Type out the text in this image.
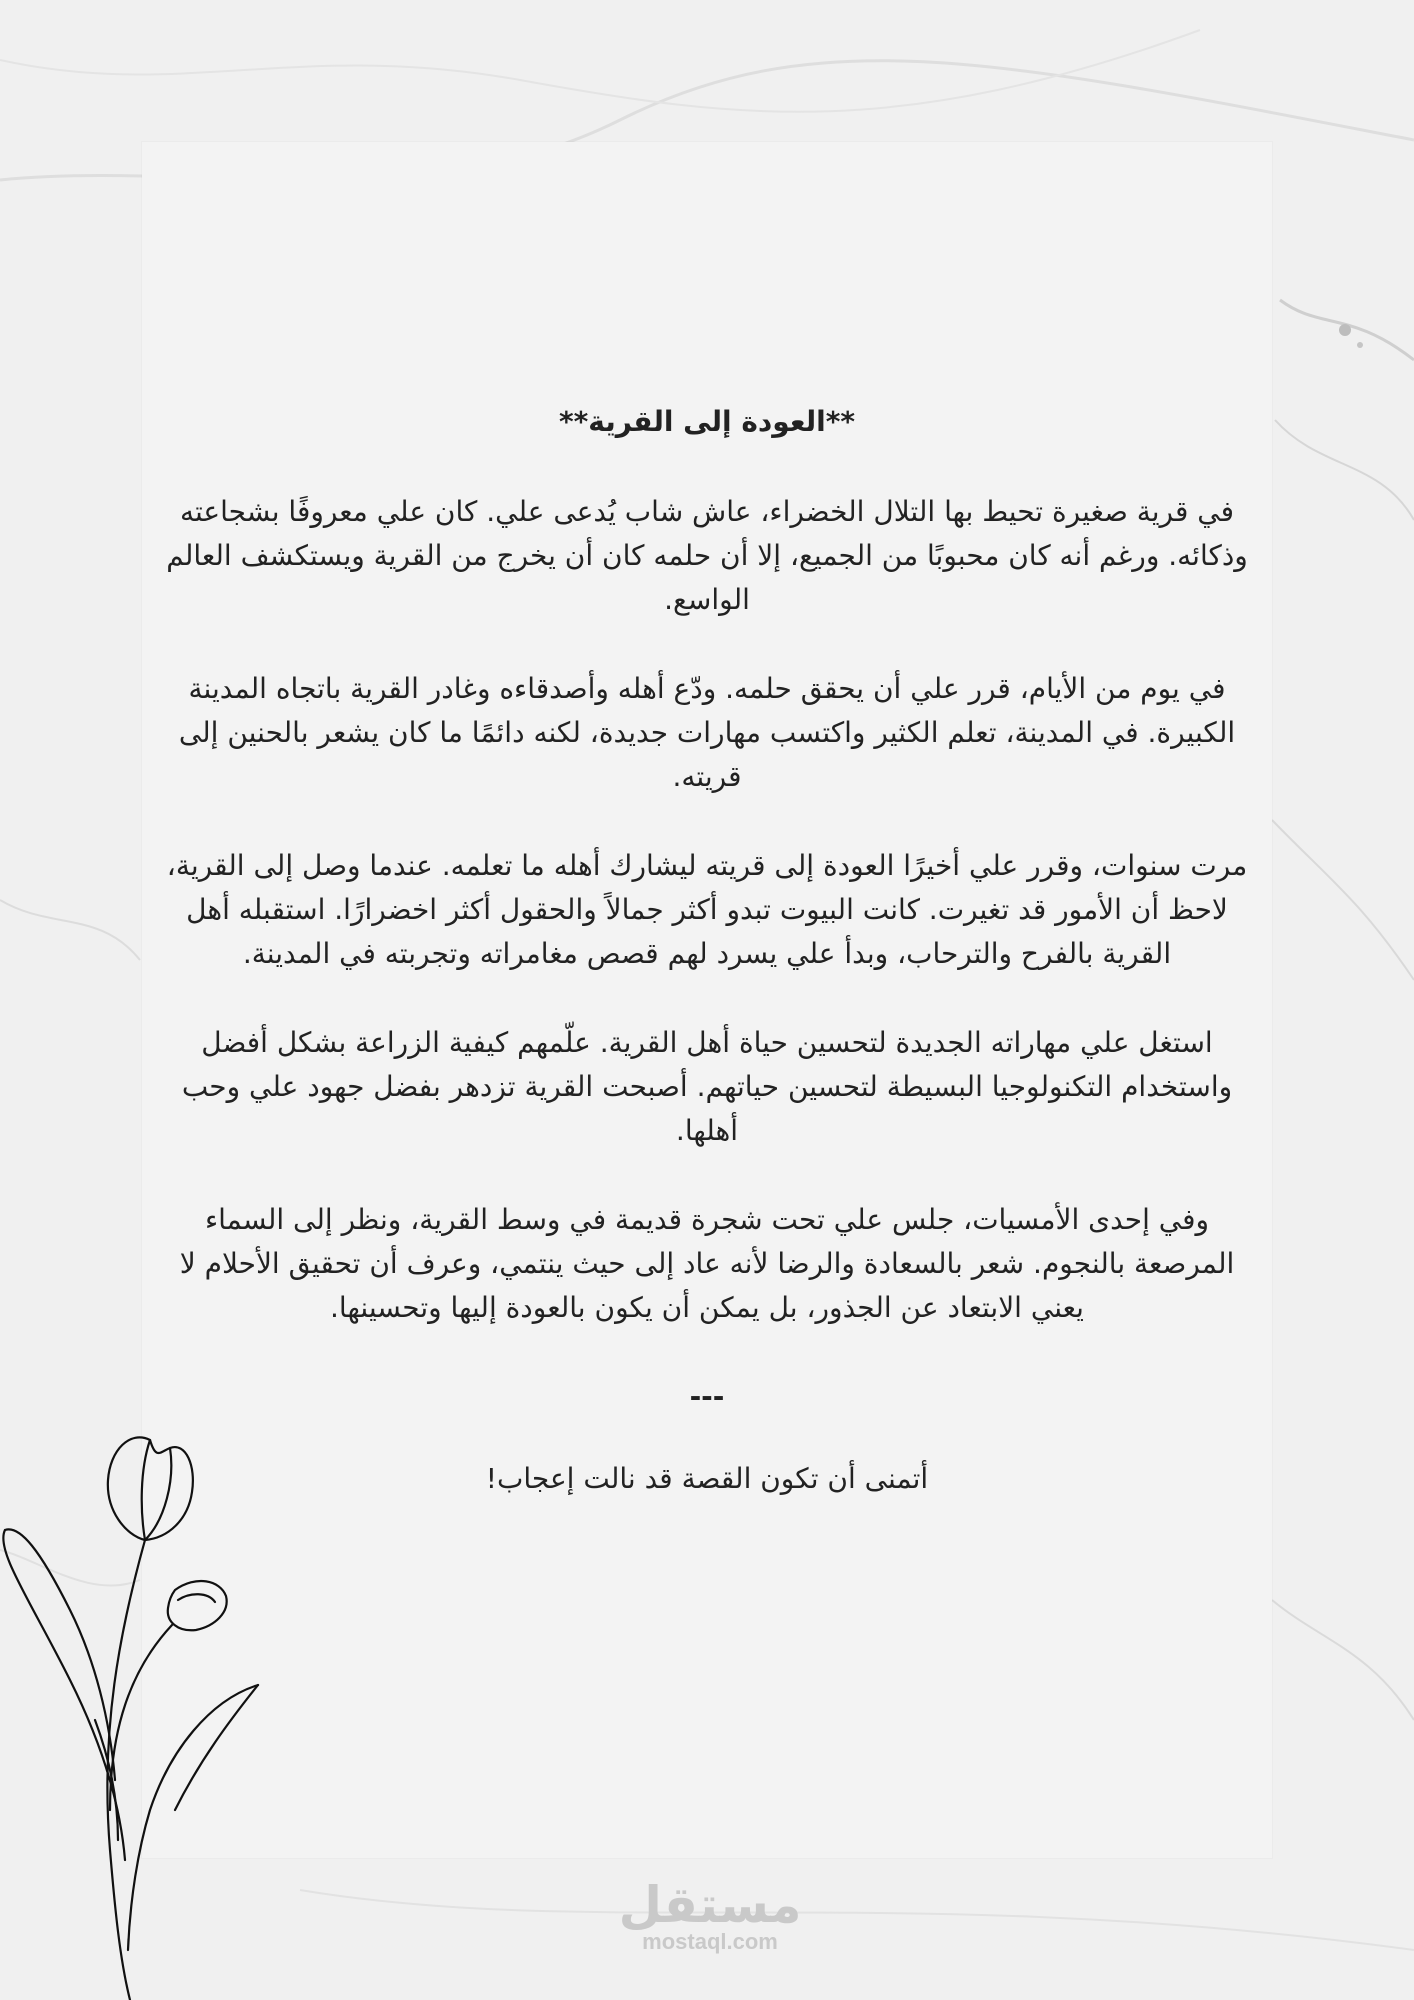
**العودة إلى القرية**

في قرية صغيرة تحيط بها التلال الخضراء، عاش شاب يُدعى علي. كان علي معروفًا بشجاعته وذكائه. ورغم أنه كان محبوبًا من الجميع، إلا أن حلمه كان أن يخرج من القرية ويستكشف العالم الواسع.

في يوم من الأيام، قرر علي أن يحقق حلمه. ودّع أهله وأصدقاءه وغادر القرية باتجاه المدينة الكبيرة. في المدينة، تعلم الكثير واكتسب مهارات جديدة، لكنه دائمًا ما كان يشعر بالحنين إلى قريته.

مرت سنوات، وقرر علي أخيرًا العودة إلى قريته ليشارك أهله ما تعلمه. عندما وصل إلى القرية، لاحظ أن الأمور قد تغيرت. كانت البيوت تبدو أكثر جمالاً والحقول أكثر اخضرارًا. استقبله أهل القرية بالفرح والترحاب، وبدأ علي يسرد لهم قصص مغامراته وتجربته في المدينة.

استغل علي مهاراته الجديدة لتحسين حياة أهل القرية. علّمهم كيفية الزراعة بشكل أفضل واستخدام التكنولوجيا البسيطة لتحسين حياتهم. أصبحت القرية تزدهر بفضل جهود علي وحب أهلها.

وفي إحدى الأمسيات، جلس علي تحت شجرة قديمة في وسط القرية، ونظر إلى السماء المرصعة بالنجوم. شعر بالسعادة والرضا لأنه عاد إلى حيث ينتمي، وعرف أن تحقيق الأحلام لا يعني الابتعاد عن الجذور، بل يمكن أن يكون بالعودة إليها وتحسينها.

---

أتمنى أن تكون القصة قد نالت إعجاب!

مستقل
mostaql.com
